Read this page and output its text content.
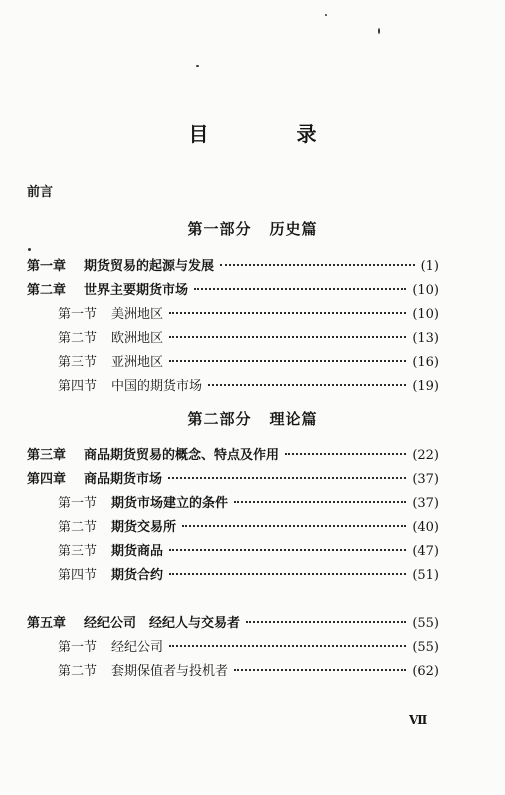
目　录
前言
第一部分 历史篇
第一章 期货贸易的起源与发展	(1)
第二章 世界主要期货市场	(10)
第一节 美洲地区	(10)
第二节 欧洲地区	(13)
第三节 亚洲地区	(16)
第四节 中国的期货市场	(19)
第二部分 理论篇
第三章 商品期货贸易的概念、特点及作用	(22)
第四章 商品期货市场	(37)
第一节 期货市场建立的条件	(37)
第二节 期货交易所	(40)
第三节 期货商品	(47)
第四节 期货合约	(51)
第五章 经纪公司　经纪人与交易者	(55)
第一节 经纪公司	(55)
第二节 套期保值者与投机者	(62)
Ⅶ
